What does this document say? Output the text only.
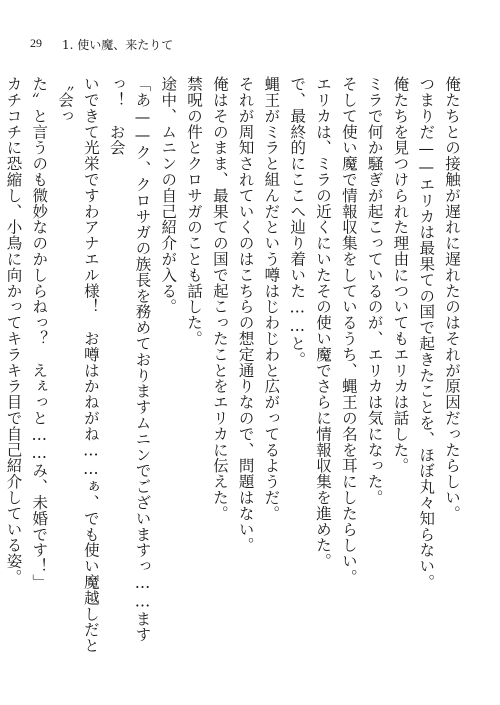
29 1. 使い魔、来たりて

俺たちとの接触が遅れに遅れたのはそれが原因だったらしい。

つまりだ——エリカは最果ての国で起きたことを、ほぼ丸々知らない。

俺たちを見つけられた理由についてもエリカは話した。

ミラで何か騒ぎが起こっているのが、エリカは気になった。

そして使い魔で情報収集をしているうち、蝿王の名を耳にしたらしい。

エリカは、ミラの近くにいたその使い魔でさらに情報収集を進めた。

で、最終的にここへ辿り着いた……と。

蝿王がミラと組んだという噂はじわじわと広がってるようだ。

それが周知されていくのはこちらの想定通りなので、問題はない。

俺はそのまま、最果ての国で起こったことをエリカに伝えた。

禁呪の件とクロサガのことも話した。

途中、ムニンの自己紹介が入る。

「あ——ク、クロサガの族長を務めておりますムニンでございますっ……ますっ！　お会

いできて光栄ですわアナエル様！　お噂はかねがね……ぁ、でも使い魔越しだと〝会っ

た〟と言うのも微妙なのかしらねっ？　えぇっと……み、未婚です！」

カチコチに恐縮し、小鳥に向かってキラキラ目で自己紹介している姿。
